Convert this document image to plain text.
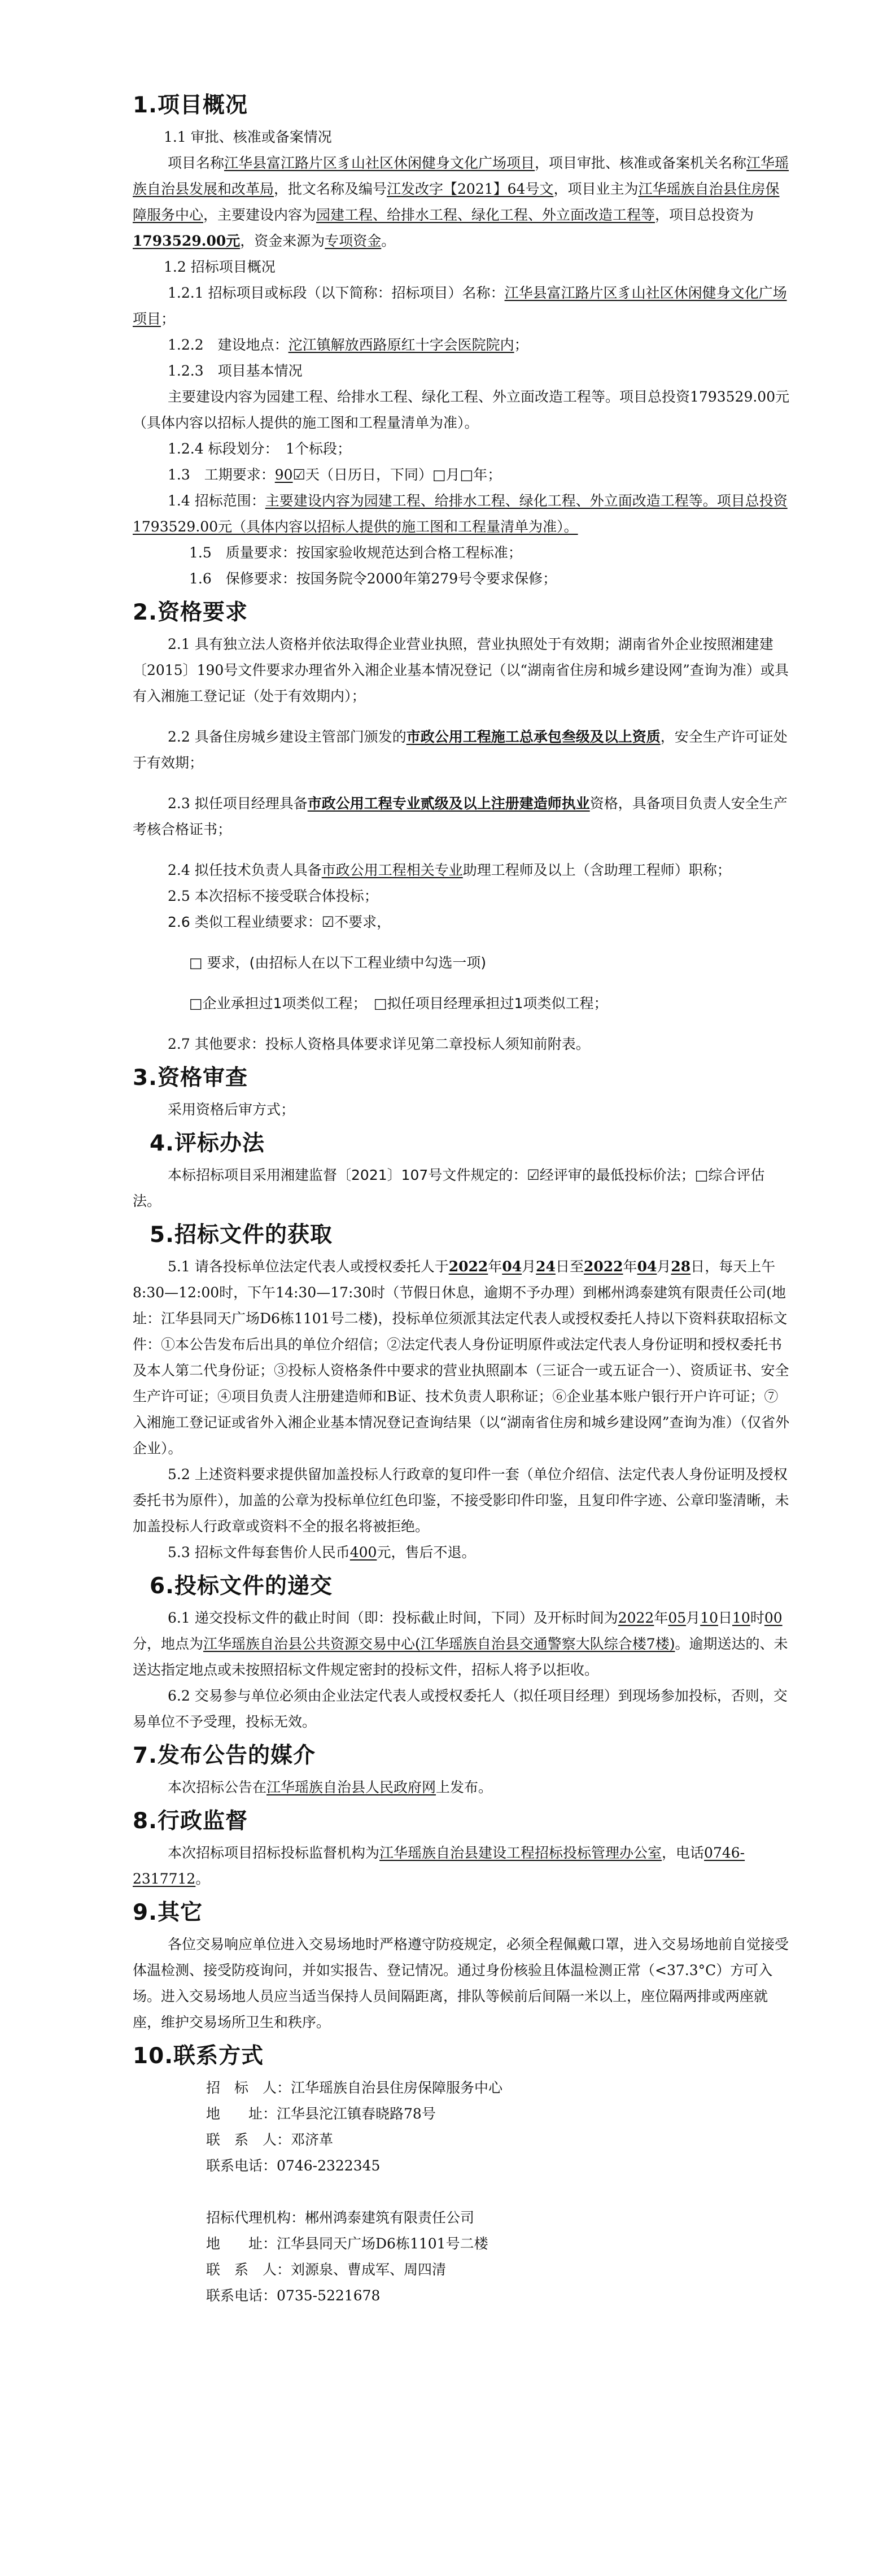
1.项目概况

1.1 审批、核准或备案情况

项目名称江华县富江路片区豸山社区休闲健身文化广场项目，项目审批、核准或备案机关名称江华瑶族自治县发展和改革局，批文名称及编号江发改字【2021】64号文，项目业主为江华瑶族自治县住房保障服务中心，主要建设内容为园建工程、给排水工程、绿化工程、外立面改造工程等，项目总投资为1793529.00元，资金来源为专项资金。

1.2 招标项目概况

1.2.1 招标项目或标段（以下简称：招标项目）名称：江华县富江路片区豸山社区休闲健身文化广场项目；

1.2.2　建设地点：沱江镇解放西路原红十字会医院院内；

1.2.3　项目基本情况

主要建设内容为园建工程、给排水工程、绿化工程、外立面改造工程等。项目总投资1793529.00元（具体内容以招标人提供的施工图和工程量清单为准）。

1.2.4 标段划分：　1个标段；

1.3　工期要求：90☑天（日历日，下同）□月□年；

1.4 招标范围：主要建设内容为园建工程、给排水工程、绿化工程、外立面改造工程等。项目总投资1793529.00元（具体内容以招标人提供的施工图和工程量清单为准）。

1.5　质量要求：按国家验收规范达到合格工程标准；

1.6　保修要求：按国务院令2000年第279号令要求保修；

2.资格要求

2.1 具有独立法人资格并依法取得企业营业执照，营业执照处于有效期；湖南省外企业按照湘建建〔2015〕190号文件要求办理省外入湘企业基本情况登记（以“湖南省住房和城乡建设网”查询为准）或具有入湘施工登记证（处于有效期内）；

2.2 具备住房城乡建设主管部门颁发的市政公用工程施工总承包叁级及以上资质，安全生产许可证处于有效期；

2.3 拟任项目经理具备市政公用工程专业贰级及以上注册建造师执业资格，具备项目负责人安全生产考核合格证书；

2.4 拟任技术负责人具备市政公用工程相关专业助理工程师及以上（含助理工程师）职称；

2.5 本次招标不接受联合体投标；

2.6 类似工程业绩要求：☑不要求，

□ 要求，(由招标人在以下工程业绩中勾选一项)

□企业承担过1项类似工程；　□拟任项目经理承担过1项类似工程；

2.7 其他要求：投标人资格具体要求详见第二章投标人须知前附表。

3.资格审查

采用资格后审方式；

4.评标办法

本标招标项目采用湘建监督〔2021〕107号文件规定的：☑经评审的最低投标价法；□综合评估法。

5.招标文件的获取

5.1 请各投标单位法定代表人或授权委托人于2022年04月24日至2022年04月28日，每天上午8:30—12:00时，下午14:30—17:30时（节假日休息，逾期不予办理）到郴州鸿泰建筑有限责任公司(地址：江华县同天广场D6栋1101号二楼)，投标单位须派其法定代表人或授权委托人持以下资料获取招标文件：①本公告发布后出具的单位介绍信；②法定代表人身份证明原件或法定代表人身份证明和授权委托书及本人第二代身份证；③投标人资格条件中要求的营业执照副本（三证合一或五证合一）、资质证书、安全生产许可证；④项目负责人注册建造师和B证、技术负责人职称证；⑥企业基本账户银行开户许可证；⑦入湘施工登记证或省外入湘企业基本情况登记查询结果（以“湖南省住房和城乡建设网”查询为准）（仅省外企业）。

5.2 上述资料要求提供留加盖投标人行政章的复印件一套（单位介绍信、法定代表人身份证明及授权委托书为原件），加盖的公章为投标单位红色印鉴，不接受影印件印鉴，且复印件字迹、公章印鉴清晰，未加盖投标人行政章或资料不全的报名将被拒绝。

5.3 招标文件每套售价人民币400元，售后不退。

6.投标文件的递交

6.1 递交投标文件的截止时间（即：投标截止时间，下同）及开标时间为2022年05月10日10时00分，地点为江华瑶族自治县公共资源交易中心(江华瑶族自治县交通警察大队综合楼7楼)。逾期送达的、未送达指定地点或未按照招标文件规定密封的投标文件，招标人将予以拒收。

6.2 交易参与单位必须由企业法定代表人或授权委托人（拟任项目经理）到现场参加投标，否则，交易单位不予受理，投标无效。

7.发布公告的媒介

本次招标公告在江华瑶族自治县人民政府网上发布。

8.行政监督

本次招标项目招标投标监督机构为江华瑶族自治县建设工程招标投标管理办公室，电话0746-2317712。

9.其它

各位交易响应单位进入交易场地时严格遵守防疫规定，必须全程佩戴口罩，进入交易场地前自觉接受体温检测、接受防疫询问，并如实报告、登记情况。通过身份核验且体温检测正常（<37.3°C）方可入场。进入交易场地人员应当适当保持人员间隔距离，排队等候前后间隔一米以上，座位隔两排或两座就座，维护交易场所卫生和秩序。

10.联系方式

招　标　人：江华瑶族自治县住房保障服务中心

地　　址：江华县沱江镇春晓路78号

联　系　人：邓济革

联系电话：0746-2322345

招标代理机构：郴州鸿泰建筑有限责任公司

地　　址：江华县同天广场D6栋1101号二楼

联　系　人：刘源泉、曹成军、周四清

联系电话：0735-5221678
